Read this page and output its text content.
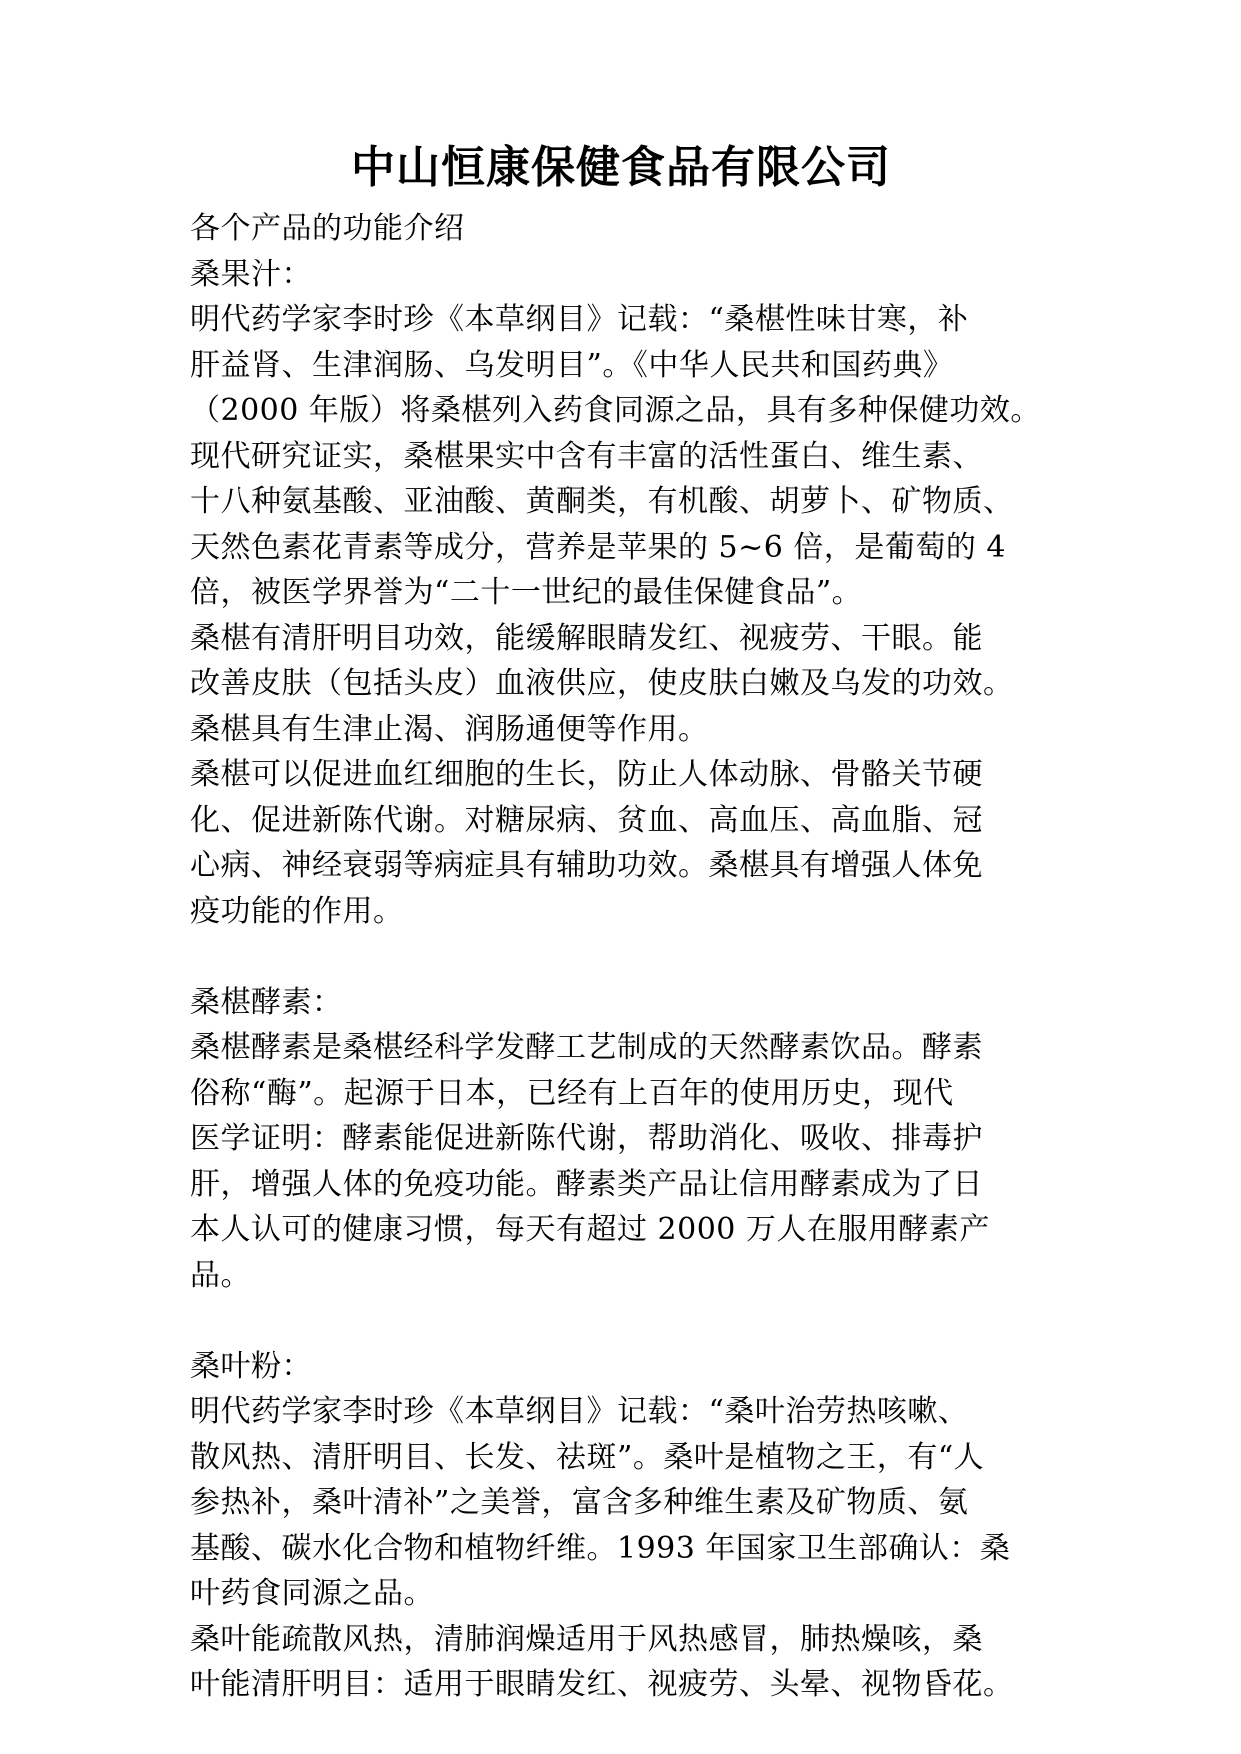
中山恒康保健食品有限公司

各个产品的功能介绍

桑果汁：

明代药学家李时珍《本草纲目》记载：“桑椹性味甘寒，补

肝益肾、生津润肠、乌发明目”。《中华人民共和国药典》

（2000 年版）将桑椹列入药食同源之品，具有多种保健功效。

现代研究证实，桑椹果实中含有丰富的活性蛋白、维生素、

十八种氨基酸、亚油酸、黄酮类，有机酸、胡萝卜、矿物质、

天然色素花青素等成分，营养是苹果的 5~6 倍，是葡萄的 4

倍，被医学界誉为“二十一世纪的最佳保健食品”。

桑椹有清肝明目功效，能缓解眼睛发红、视疲劳、干眼。能

改善皮肤（包括头皮）血液供应，使皮肤白嫩及乌发的功效。

桑椹具有生津止渴、润肠通便等作用。

桑椹可以促进血红细胞的生长，防止人体动脉、骨骼关节硬

化、促进新陈代谢。对糖尿病、贫血、高血压、高血脂、冠

心病、神经衰弱等病症具有辅助功效。桑椹具有增强人体免

疫功能的作用。

桑椹酵素：

桑椹酵素是桑椹经科学发酵工艺制成的天然酵素饮品。酵素

俗称“酶”。起源于日本，已经有上百年的使用历史，现代

医学证明：酵素能促进新陈代谢，帮助消化、吸收、排毒护

肝，增强人体的免疫功能。酵素类产品让信用酵素成为了日

本人认可的健康习惯，每天有超过 2000 万人在服用酵素产

品。

桑叶粉：

明代药学家李时珍《本草纲目》记载：“桑叶治劳热咳嗽、

散风热、清肝明目、长发、祛斑”。桑叶是植物之王，有“人

参热补，桑叶清补”之美誉，富含多种维生素及矿物质、氨

基酸、碳水化合物和植物纤维。1993 年国家卫生部确认：桑

叶药食同源之品。

桑叶能疏散风热，清肺润燥适用于风热感冒，肺热燥咳，桑

叶能清肝明目：适用于眼睛发红、视疲劳、头晕、视物昏花。
